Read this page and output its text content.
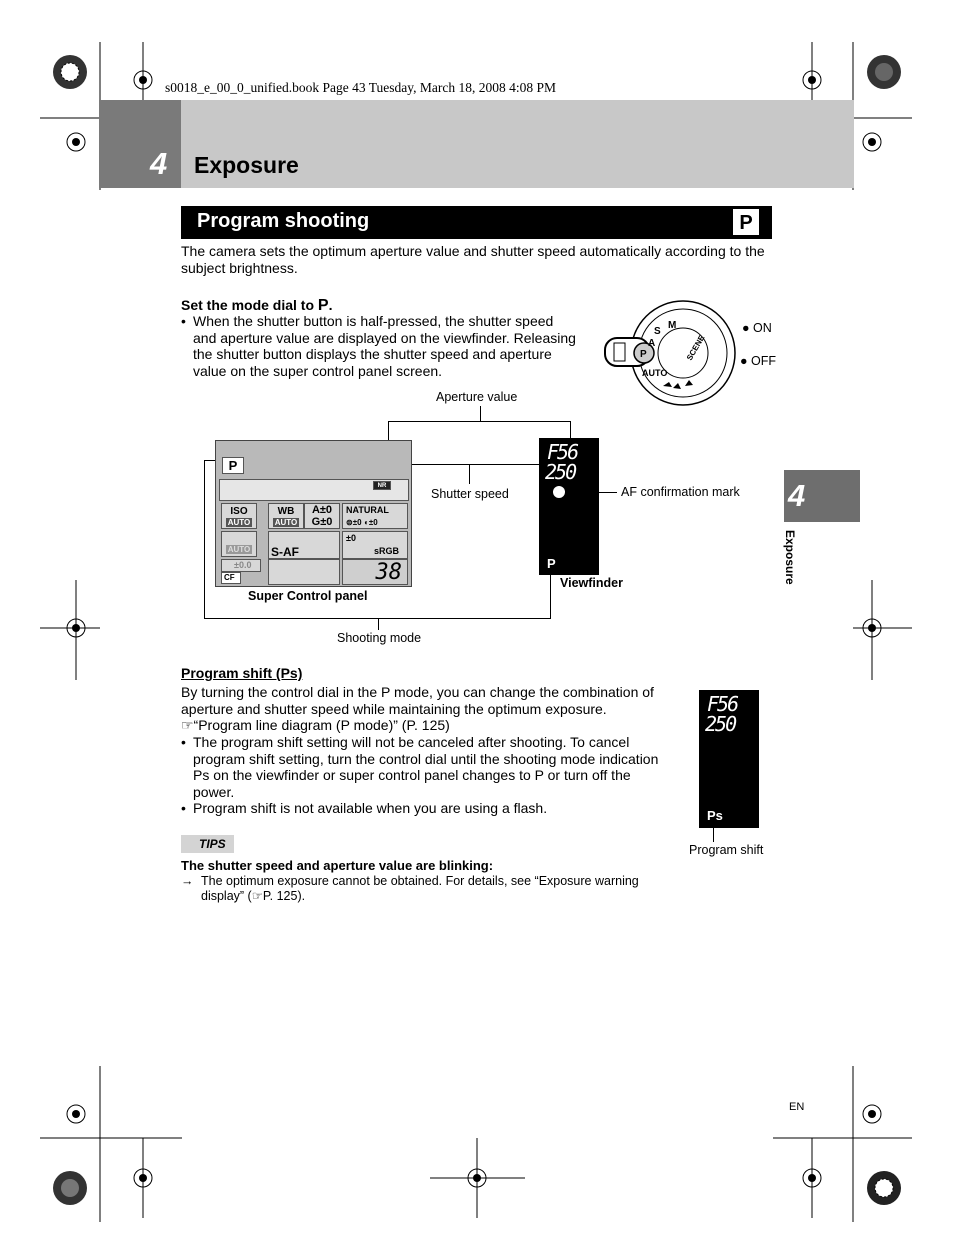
s0018_e_00_0_unified.book Page 43 Tuesday, March 18, 2008 4:08 PM
4 Exposure
Program shooting	P
The camera sets the optimum aperture value and shutter speed automatically according to the subject brightness.
Set the mode dial to P.
• When the shutter button is half-pressed, the shutter speed
and aperture value are displayed on the viewfinder. Releasing
the shutter button displays the shutter speed and aperture
value on the super control panel screen.
P
M
S
A
AUTO
SCENE
● ON
● OFF
Aperture value
Shutter speed	AF confirmation mark
Super Control panel
Viewfinder
Shooting mode
P
NR
ISO
AUTO
WB
AUTO
A±0
G±0
NATURAL
⊜±0 ◐±0
AUTO	S-AF
±0
sRGB
±0.0
CF	38
F56
250
P
4
Exposure
Program shift (Ps)
By turning the control dial in the P mode, you can change the combination of
aperture and shutter speed while maintaining the optimum exposure.
☞“Program line diagram (P mode)” (P. 125)
• The program shift setting will not be canceled after shooting. To cancel
program shift setting, turn the control dial until the shooting mode indication
Ps on the viewfinder or super control panel changes to P or turn off the
power.
• Program shift is not available when you are using a flash.
F56
250
Ps
Program shift
TIPS
The shutter speed and aperture value are blinking:
→ The optimum exposure cannot be obtained. For details, see “Exposure warning
display” (☞P. 125).
EN
